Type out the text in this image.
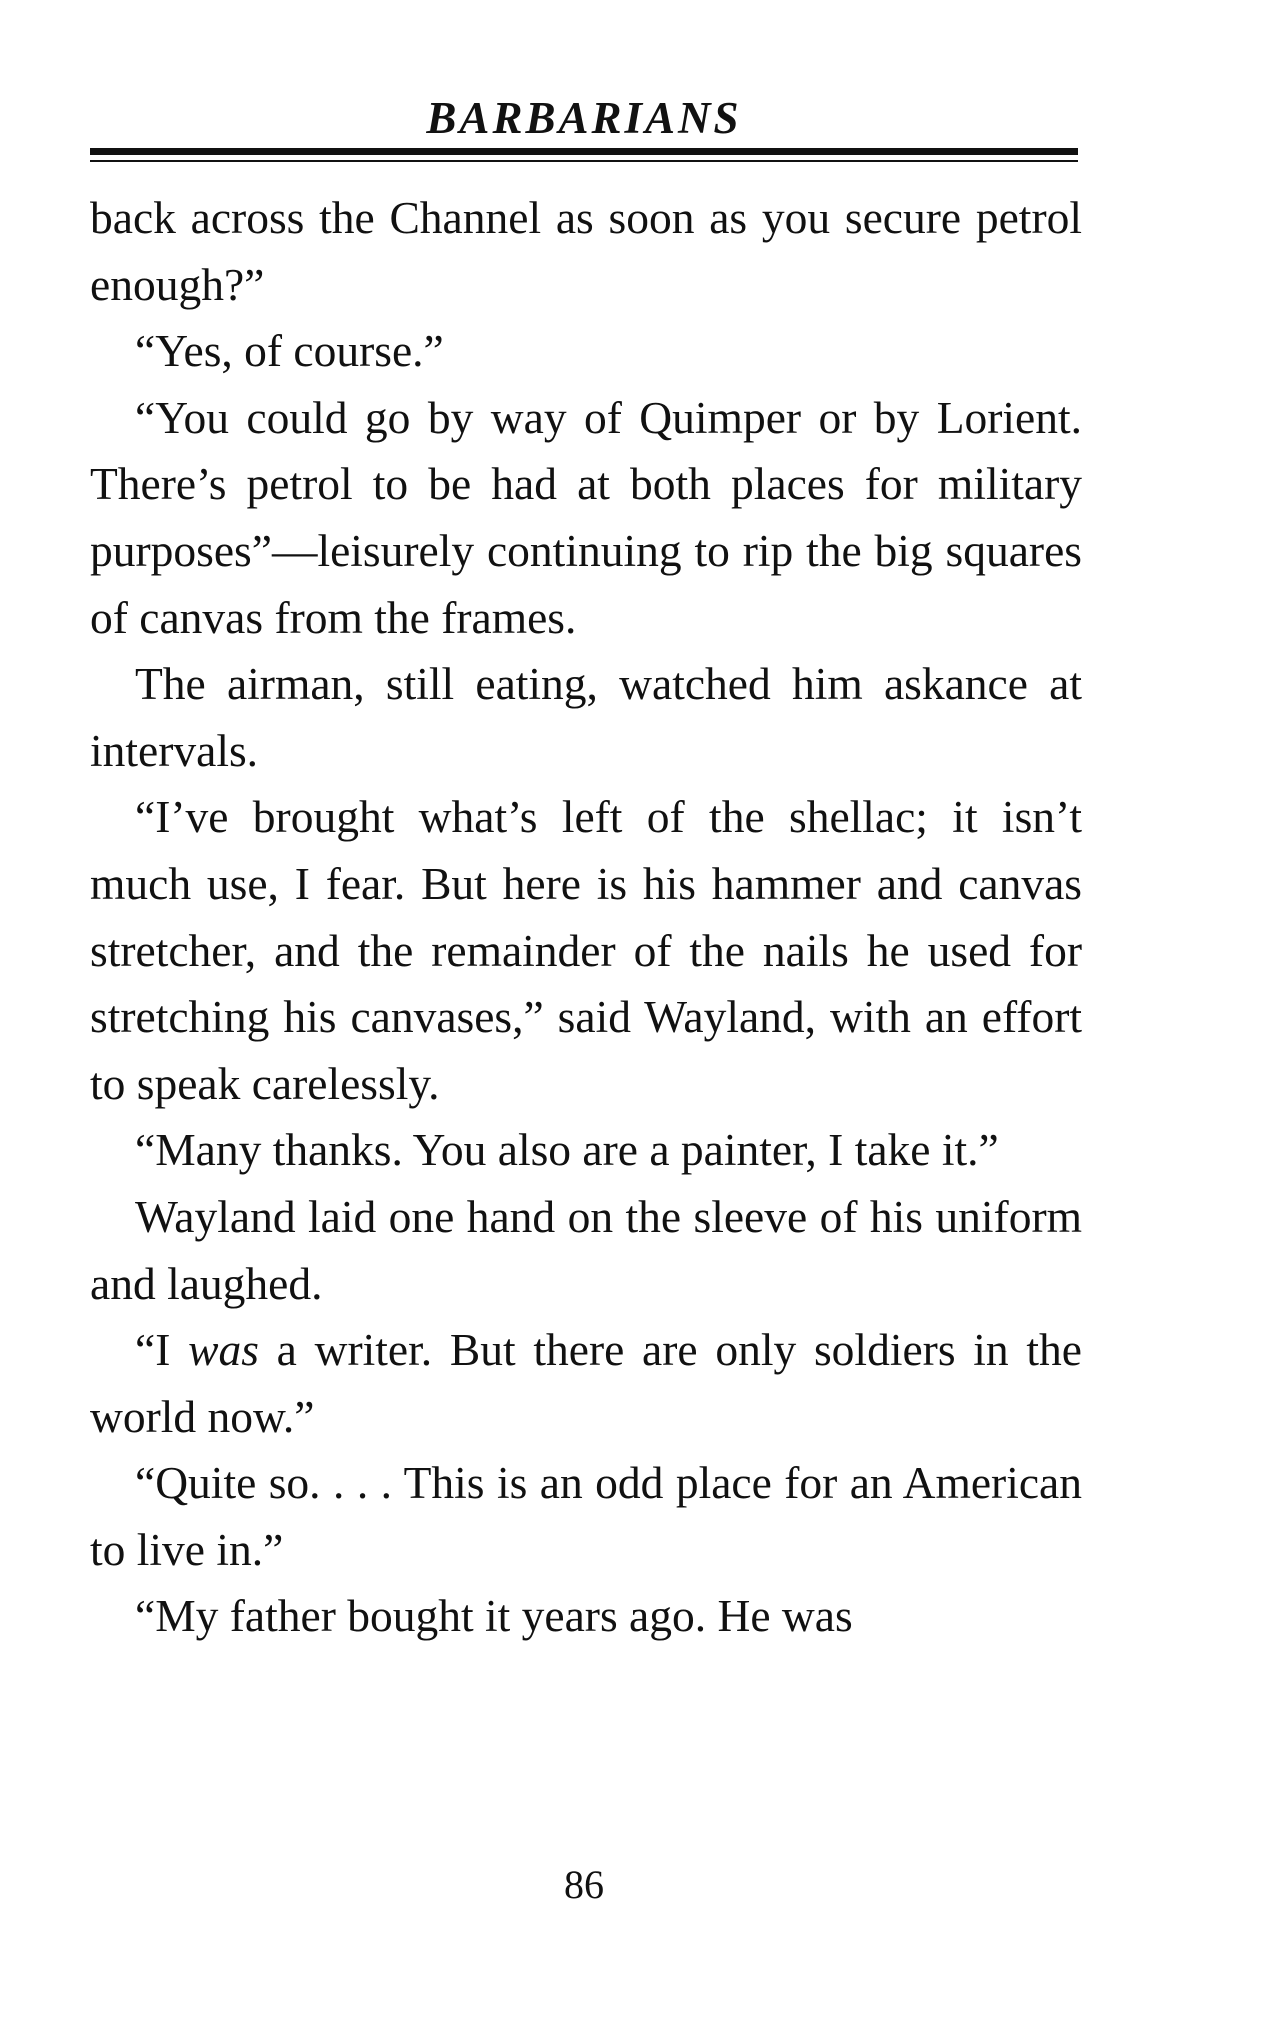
BARBARIANS

back across the Channel as soon as you secure petrol enough?”

“Yes, of course.”

“You could go by way of Quimper or by Lorient. There’s petrol to be had at both places for military purposes”—leisurely continuing to rip the big squares of canvas from the frames.

The airman, still eating, watched him askance at intervals.

“I’ve brought what’s left of the shellac; it isn’t much use, I fear. But here is his hammer and canvas stretcher, and the remainder of the nails he used for stretching his canvases,” said Wayland, with an effort to speak carelessly.

“Many thanks. You also are a painter, I take it.”

Wayland laid one hand on the sleeve of his uniform and laughed.

“I was a writer. But there are only soldiers in the world now.”

“Quite so. . . . This is an odd place for an American to live in.”

“My father bought it years ago. He was

86
